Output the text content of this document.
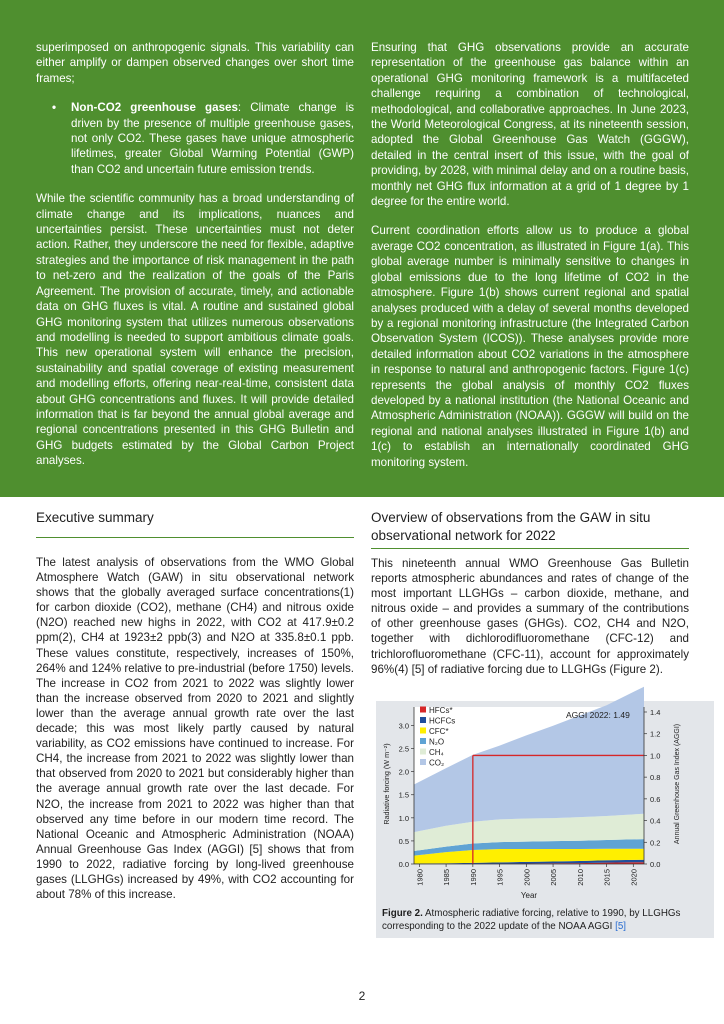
superimposed on anthropogenic signals. This variability can either amplify or dampen observed changes over short time frames;

• Non-CO2 greenhouse gases: Climate change is driven by the presence of multiple greenhouse gases, not only CO2. These gases have unique atmospheric lifetimes, greater Global Warming Potential (GWP) than CO2 and uncertain future emission trends.

While the scientific community has a broad understanding of climate change and its implications, nuances and uncertainties persist. These uncertainties must not deter action. Rather, they underscore the need for flexible, adaptive strategies and the importance of risk management in the path to net-zero and the realization of the goals of the Paris Agreement. The provision of accurate, timely, and actionable data on GHG fluxes is vital. A routine and sustained global GHG monitoring system that utilizes numerous observations and modelling is needed to support ambitious climate goals. This new operational system will enhance the precision, sustainability and spatial coverage of existing measurement and modelling efforts, offering near-real-time, consistent data about GHG concentrations and fluxes. It will provide detailed information that is far beyond the annual global average and regional concentrations presented in this GHG Bulletin and GHG budgets estimated by the Global Carbon Project analyses.

Ensuring that GHG observations provide an accurate representation of the greenhouse gas balance within an operational GHG monitoring framework is a multifaceted challenge requiring a combination of technological, methodological, and collaborative approaches. In June 2023, the World Meteorological Congress, at its nineteenth session, adopted the Global Greenhouse Gas Watch (GGGW), detailed in the central insert of this issue, with the goal of providing, by 2028, with minimal delay and on a routine basis, monthly net GHG flux information at a grid of 1 degree by 1 degree for the entire world.

Current coordination efforts allow us to produce a global average CO2 concentration, as illustrated in Figure 1(a). This global average number is minimally sensitive to changes in global emissions due to the long lifetime of CO2 in the atmosphere. Figure 1(b) shows current regional and spatial analyses produced with a delay of several months developed by a regional monitoring infrastructure (the Integrated Carbon Observation System (ICOS)). These analyses provide more detailed information about CO2 variations in the atmosphere in response to natural and anthropogenic factors. Figure 1(c) represents the global analysis of monthly CO2 fluxes developed by a national institution (the National Oceanic and Atmospheric Administration (NOAA)). GGGW will build on the regional and national analyses illustrated in Figure 1(b) and 1(c) to establish an internationally coordinated GHG monitoring system.

Executive summary

The latest analysis of observations from the WMO Global Atmosphere Watch (GAW) in situ observational network shows that the globally averaged surface concentrations(1) for carbon dioxide (CO2), methane (CH4) and nitrous oxide (N2O) reached new highs in 2022, with CO2 at 417.9±0.2 ppm(2), CH4 at 1923±2 ppb(3) and N2O at 335.8±0.1 ppb. These values constitute, respectively, increases of 150%, 264% and 124% relative to pre-industrial (before 1750) levels. The increase in CO2 from 2021 to 2022 was slightly lower than the increase observed from 2020 to 2021 and slightly lower than the average annual growth rate over the last decade; this was most likely partly caused by natural variability, as CO2 emissions have continued to increase. For CH4, the increase from 2021 to 2022 was slightly lower than that observed from 2020 to 2021 but considerably higher than the average annual growth rate over the last decade. For N2O, the increase from 2021 to 2022 was higher than that observed any time before in our modern time record. The National Oceanic and Atmospheric Administration (NOAA) Annual Greenhouse Gas Index (AGGI) [5] shows that from 1990 to 2022, radiative forcing by long-lived greenhouse gases (LLGHGs) increased by 49%, with CO2 accounting for about 78% of this increase.

Overview of observations from the GAW in situ observational network for 2022

This nineteenth annual WMO Greenhouse Gas Bulletin reports atmospheric abundances and rates of change of the most important LLGHGs – carbon dioxide, methane, and nitrous oxide – and provides a summary of the contributions of other greenhouse gases (GHGs). CO2, CH4 and N2O, together with dichlorodifluoromethane (CFC-12) and trichlorofluoromethane (CFC-11), account for approximately 96%(4) [5] of radiative forcing due to LLGHGs (Figure 2).

0.0
0.5
1.0
1.5
2.0
2.5
3.0
0.0
0.2
0.4
0.6
0.8
1.0
1.2
1.4
1980 1985 1990 1995 2000 2005 2010 2015 2020
HFCs*
HCFCs
CFC*
N₂O
CH₄
CO₂
AGGI 2022: 1.49
Year
Radiative forcing (W m⁻²)	Annual Greenhouse Gas Index (AGGI)
Figure 2. Atmospheric radiative forcing, relative to 1990, by LLGHGs corresponding to the 2022 update of the NOAA AGGI [5]
2
